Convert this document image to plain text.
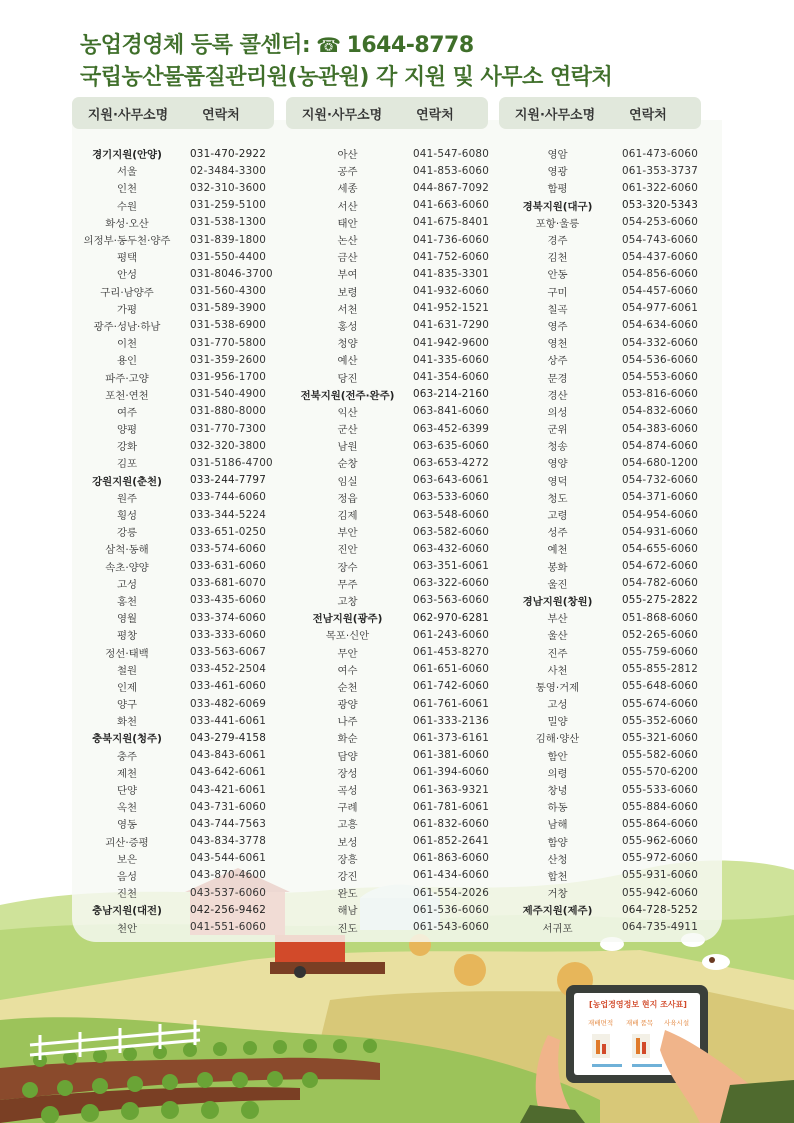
농업경영체 등록 콜센터: ☎ 1644-8778
국립농산물품질관리원(농관원) 각 지원 및 사무소 연락처
지원·사무소명	연락처	지원·사무소명	연락처	지원·사무소명	연락처
경기지원(안양)	031-470-2922
서울	02-3484-3300
인천	032-310-3600
수원	031-259-5100
화성·오산	031-538-1300
의정부·동두천·양주	031-839-1800
평택	031-550-4400
안성	031-8046-3700
구리·남양주	031-560-4300
가평	031-589-3900
광주·성남·하남	031-538-6900
이천	031-770-5800
용인	031-359-2600
파주·고양	031-956-1700
포천·연천	031-540-4900
여주	031-880-8000
양평	031-770-7300
강화	032-320-3800
김포	031-5186-4700
강원지원(춘천)	033-244-7797
원주	033-744-6060
횡성	033-344-5224
강릉	033-651-0250
삼척·동해	033-574-6060
속초·양양	033-631-6060
고성	033-681-6070
홍천	033-435-6060
영월	033-374-6060
평창	033-333-6060
정선·태백	033-563-6067
철원	033-452-2504
인제	033-461-6060
양구	033-482-6069
화천	033-441-6061
충북지원(청주)	043-279-4158
충주	043-843-6061
제천	043-642-6061
단양	043-421-6061
옥천	043-731-6060
영동	043-744-7563
괴산·증평	043-834-3778
보은	043-544-6061
음성	043-870-4600
진천	043-537-6060
충남지원(대전)	042-256-9462
천안	041-551-6060
아산	041-547-6080
공주	041-853-6060
세종	044-867-7092
서산	041-663-6060
태안	041-675-8401
논산	041-736-6060
금산	041-752-6060
부여	041-835-3301
보령	041-932-6060
서천	041-952-1521
홍성	041-631-7290
청양	041-942-9600
예산	041-335-6060
당진	041-354-6060
전북지원(전주·완주)	063-214-2160
익산	063-841-6060
군산	063-452-6399
남원	063-635-6060
순창	063-653-4272
임실	063-643-6061
정읍	063-533-6060
김제	063-548-6060
부안	063-582-6060
진안	063-432-6060
장수	063-351-6061
무주	063-322-6060
고창	063-563-6060
전남지원(광주)	062-970-6281
목포·신안	061-243-6060
무안	061-453-8270
여수	061-651-6060
순천	061-742-6060
광양	061-761-6061
나주	061-333-2136
화순	061-373-6161
담양	061-381-6060
장성	061-394-6060
곡성	061-363-9321
구례	061-781-6061
고흥	061-832-6060
보성	061-852-2641
장흥	061-863-6060
강진	061-434-6060
완도	061-554-2026
해남	061-536-6060
진도	061-543-6060
영암	061-473-6060
영광	061-353-3737
함평	061-322-6060
경북지원(대구)	053-320-5343
포항·울릉	054-253-6060
경주	054-743-6060
김천	054-437-6060
안동	054-856-6060
구미	054-457-6060
칠곡	054-977-6061
영주	054-634-6060
영천	054-332-6060
상주	054-536-6060
문경	054-553-6060
경산	053-816-6060
의성	054-832-6060
군위	054-383-6060
청송	054-874-6060
영양	054-680-1200
영덕	054-732-6060
청도	054-371-6060
고령	054-954-6060
성주	054-931-6060
예천	054-655-6060
봉화	054-672-6060
울진	054-782-6060
경남지원(창원)	055-275-2822
부산	051-868-6060
울산	052-265-6060
진주	055-759-6060
사천	055-855-2812
통영·거제	055-648-6060
고성	055-674-6060
밀양	055-352-6060
김해·양산	055-321-6060
함안	055-582-6060
의령	055-570-6200
창녕	055-533-6060
하동	055-884-6060
남해	055-864-6060
함양	055-962-6060
산청	055-972-6060
합천	055-931-6060
거창	055-942-6060
제주지원(제주)	064-728-5252
서귀포	064-735-4911
[농업경영정보 현지 조사표]
재배면적 재배 품목 사육시설
